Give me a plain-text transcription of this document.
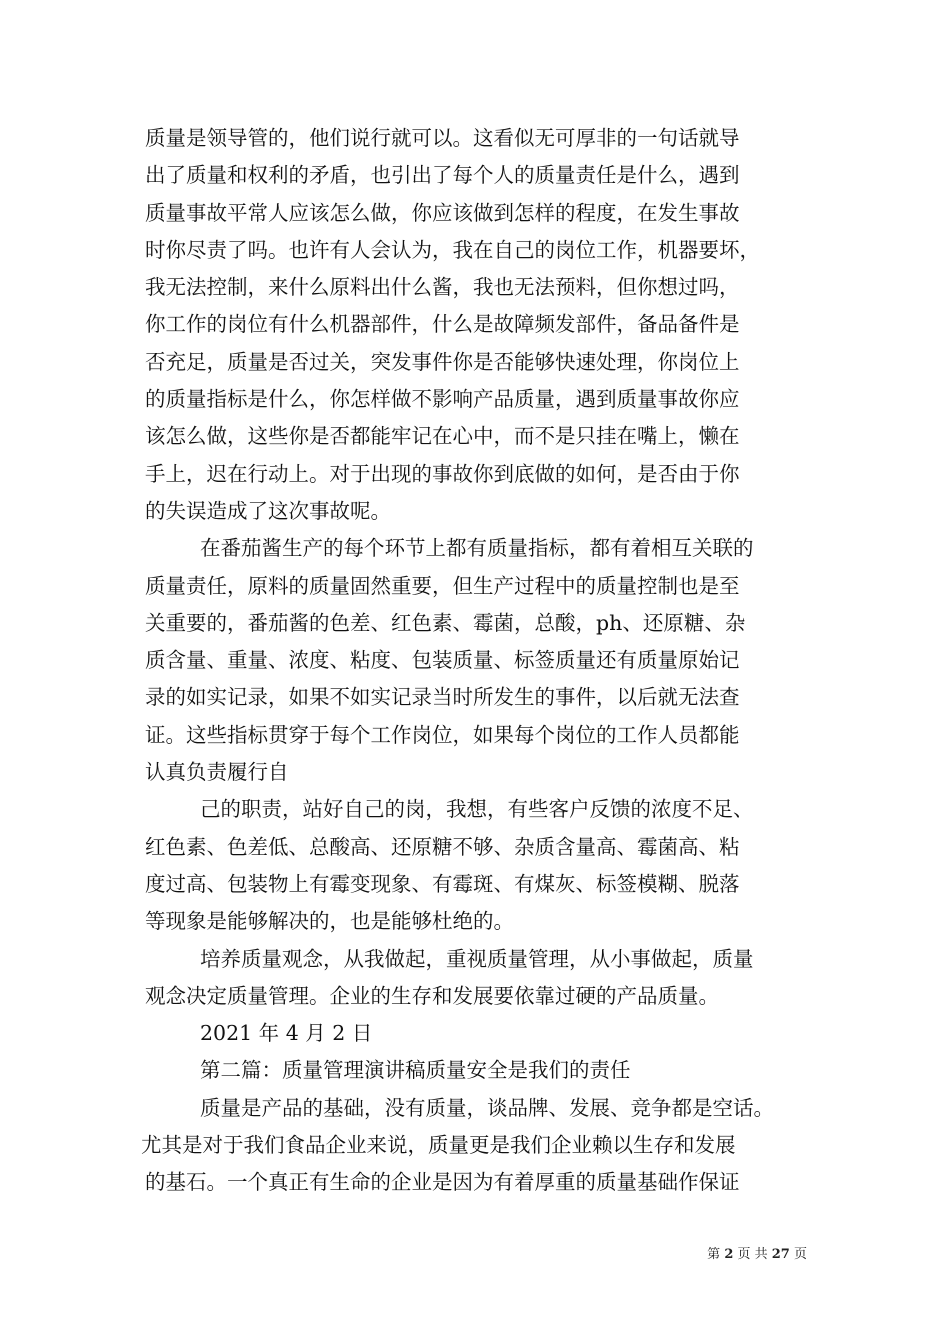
质量是领导管的，他们说行就可以。这看似无可厚非的一句话就导
出了质量和权利的矛盾，也引出了每个人的质量责任是什么，遇到
质量事故平常人应该怎么做，你应该做到怎样的程度，在发生事故
时你尽责了吗。也许有人会认为，我在自己的岗位工作，机器要坏，
我无法控制，来什么原料出什么酱，我也无法预料，但你想过吗，
你工作的岗位有什么机器部件，什么是故障频发部件，备品备件是
否充足，质量是否过关，突发事件你是否能够快速处理，你岗位上
的质量指标是什么，你怎样做不影响产品质量，遇到质量事故你应
该怎么做，这些你是否都能牢记在心中，而不是只挂在嘴上，懒在
手上，迟在行动上。对于出现的事故你到底做的如何，是否由于你
的失误造成了这次事故呢。
在番茄酱生产的每个环节上都有质量指标，都有着相互关联的
质量责任，原料的质量固然重要，但生产过程中的质量控制也是至
关重要的，番茄酱的色差、红色素、霉菌，总酸，ph、还原糖、杂
质含量、重量、浓度、粘度、包装质量、标签质量还有质量原始记
录的如实记录，如果不如实记录当时所发生的事件，以后就无法查
证。这些指标贯穿于每个工作岗位，如果每个岗位的工作人员都能
认真负责履行自
己的职责，站好自己的岗，我想，有些客户反馈的浓度不足、
红色素、色差低、总酸高、还原糖不够、杂质含量高、霉菌高、粘
度过高、包装物上有霉变现象、有霉斑、有煤灰、标签模糊、脱落
等现象是能够解决的，也是能够杜绝的。
培养质量观念，从我做起，重视质量管理，从小事做起，质量
观念决定质量管理。企业的生存和发展要依靠过硬的产品质量。
2021 年 4 月 2 日
第二篇：质量管理演讲稿质量安全是我们的责任
质量是产品的基础，没有质量，谈品牌、发展、竞争都是空话。
尤其是对于我们食品企业来说，质量更是我们企业赖以生存和发展
的基石。一个真正有生命的企业是因为有着厚重的质量基础作保证
第 2 页 共 27 页
